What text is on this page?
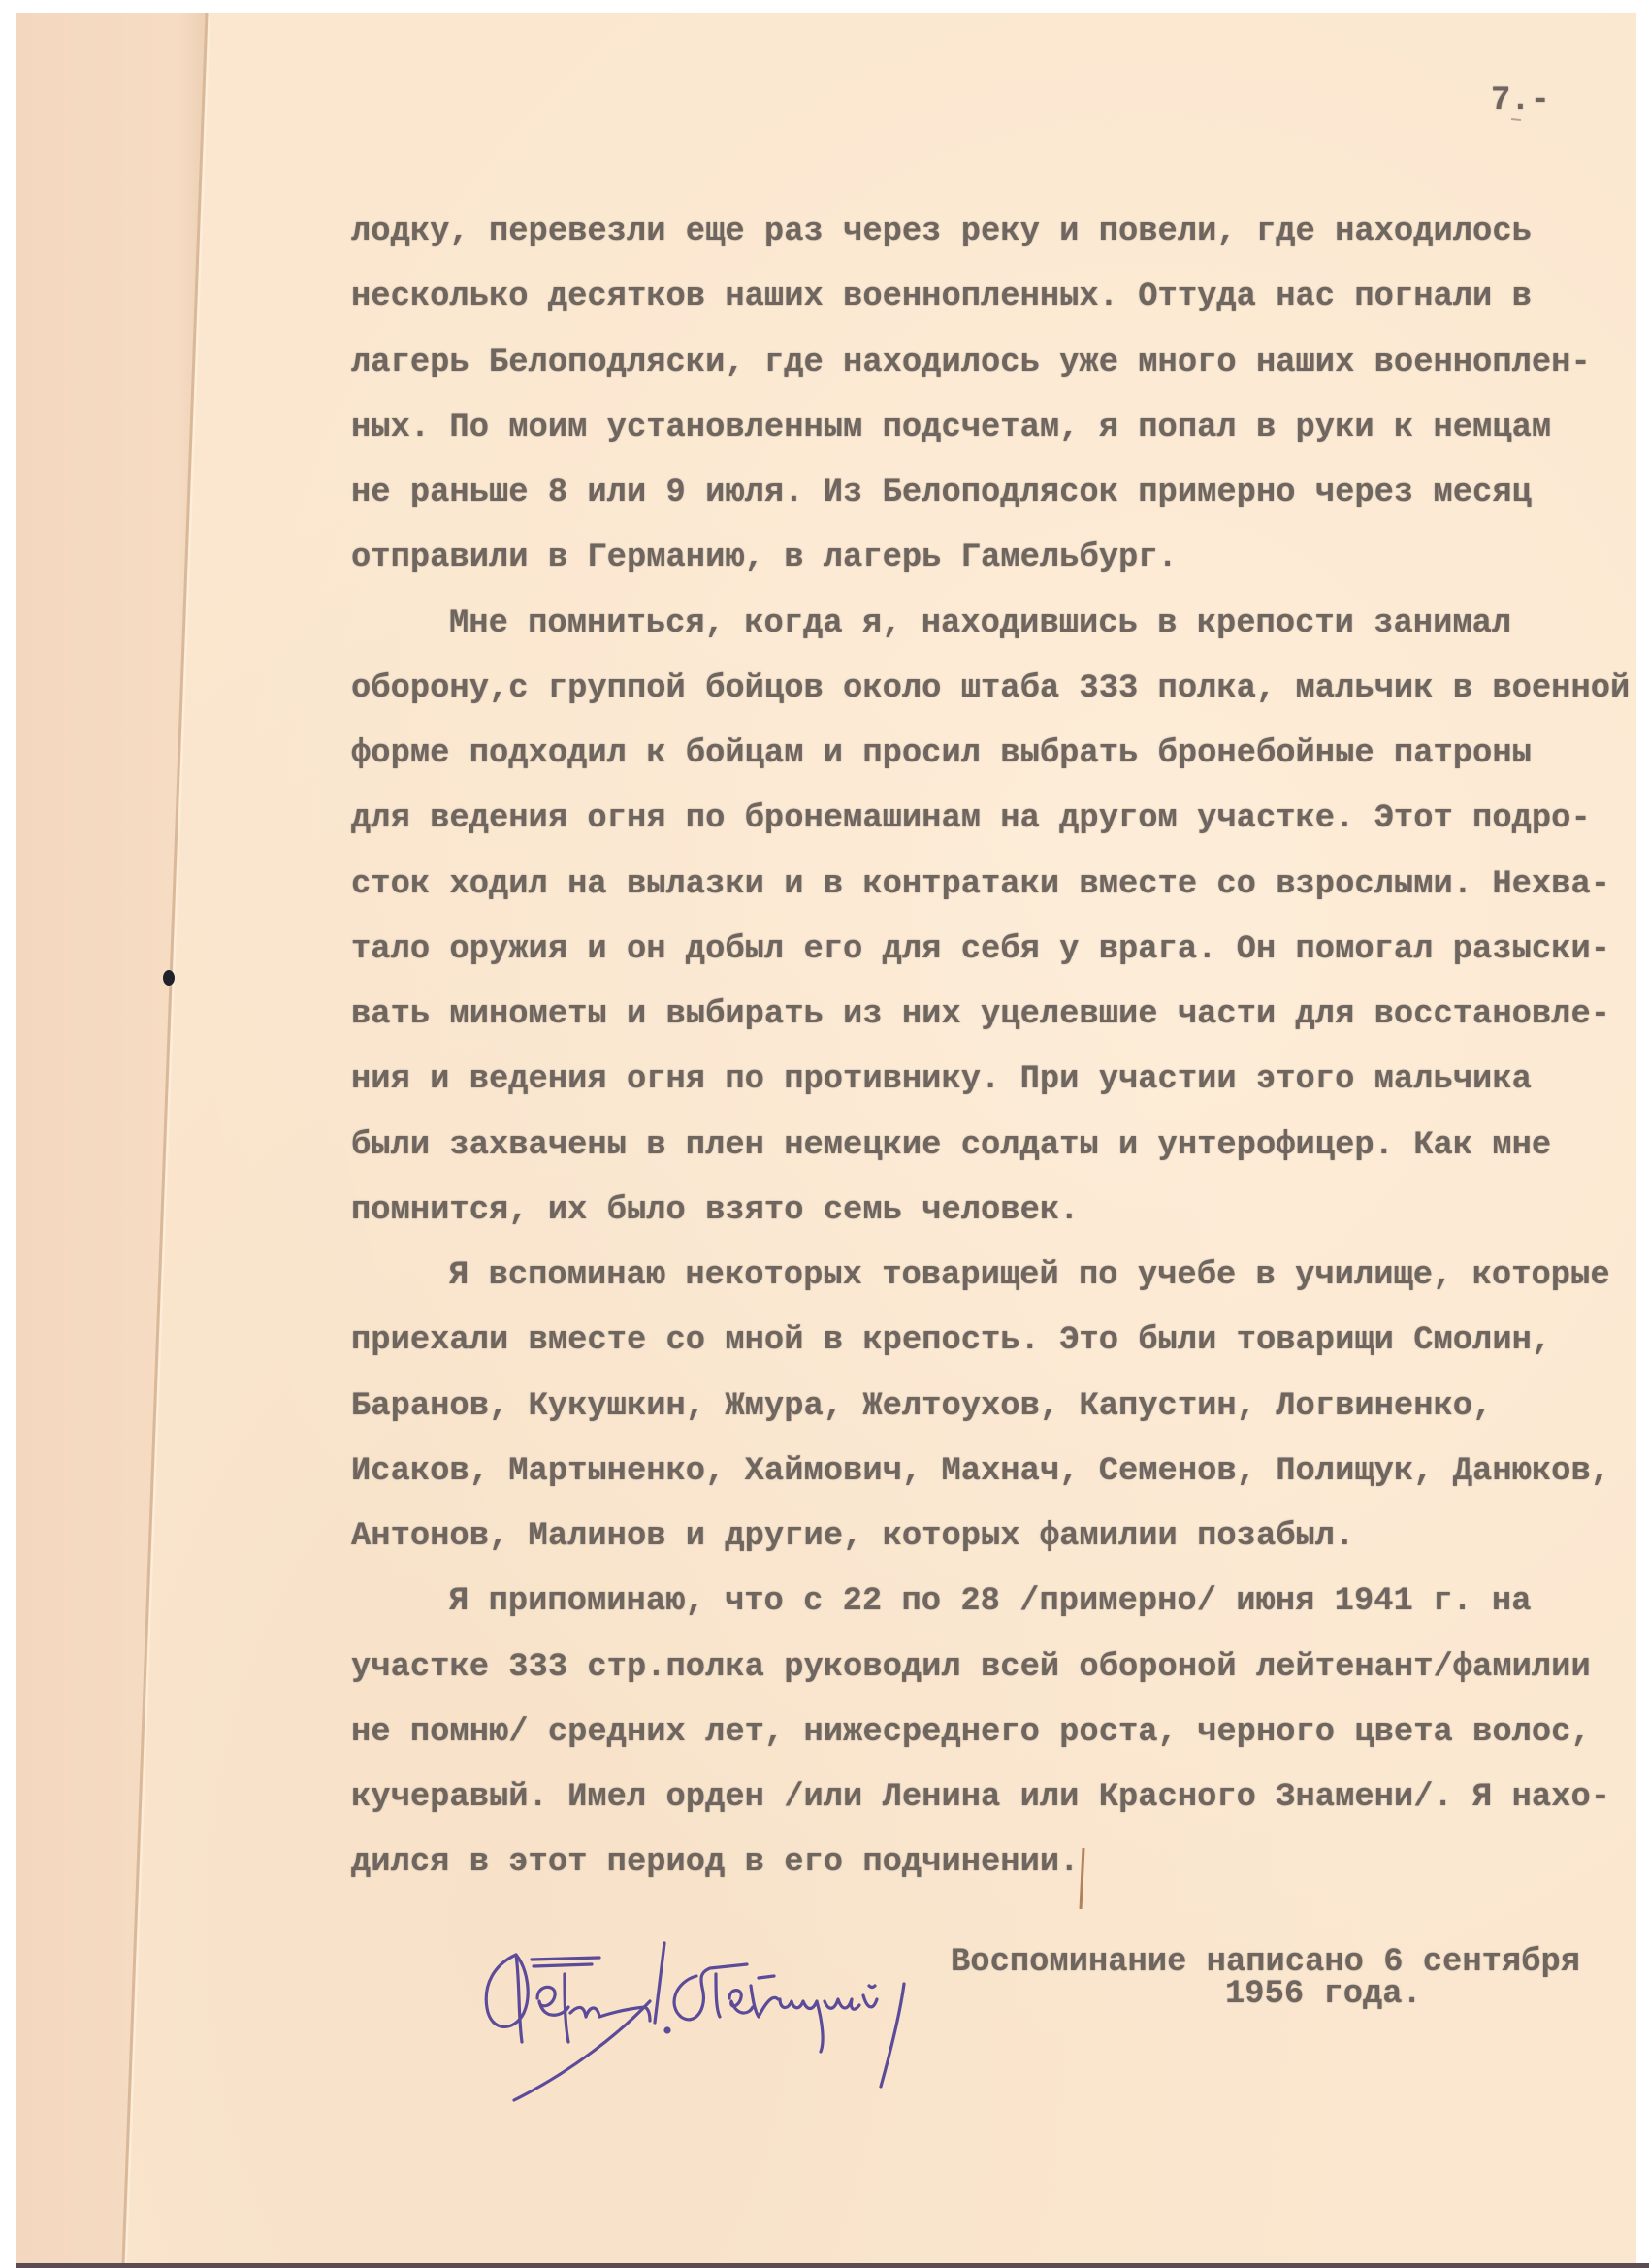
7.-
лодку, перевезли еще раз через реку и повели, где находилось
несколько десятков наших военнопленных. Оттуда нас погнали в
лагерь Белоподляски, где находилось уже много наших военноплен-
ных. По моим установленным подсчетам, я попал в руки к немцам
не раньше 8 или 9 июля. Из Белоподлясок примерно через месяц
отправили в Германию, в лагерь Гамельбург.
Мне помниться, когда я, находившись в крепости занимал
оборону,с группой бойцов около штаба 333 полка, мальчик в военной
форме подходил к бойцам и просил выбрать бронебойные патроны
для ведения огня по бронемашинам на другом участке. Этот подро-
сток ходил на вылазки и в контратаки вместе со взрослыми. Нехва-
тало оружия и он добыл его для себя у врага. Он помогал разыски-
вать минометы и выбирать из них уцелевшие части для восстановле-
ния и ведения огня по противнику. При участии этого мальчика
были захвачены в плен немецкие солдаты и унтерофицер. Как мне
помнится, их было взято семь человек.
Я вспоминаю некоторых товарищей по учебе в училище, которые
приехали вместе со мной в крепость. Это были товарищи Смолин,
Баранов, Кукушкин, Жмура, Желтоухов, Капустин, Логвиненко,
Исаков, Мартыненко, Хаймович, Махнач, Семенов, Полищук, Данюков,
Антонов, Малинов и другие, которых фамилии позабыл.
Я припоминаю, что с 22 по 28 /примерно/ июня 1941 г. на
участке 333 стр.полка руководил всей обороной лейтенант/фамилии
не помню/ средних лет, нижесреднего роста, черного цвета волос,
кучеравый. Имел орден /или Ленина или Красного Знамени/. Я нахо-
дился в этот период в его подчинении.
Воспоминание написано 6 сентября
1956 года.
